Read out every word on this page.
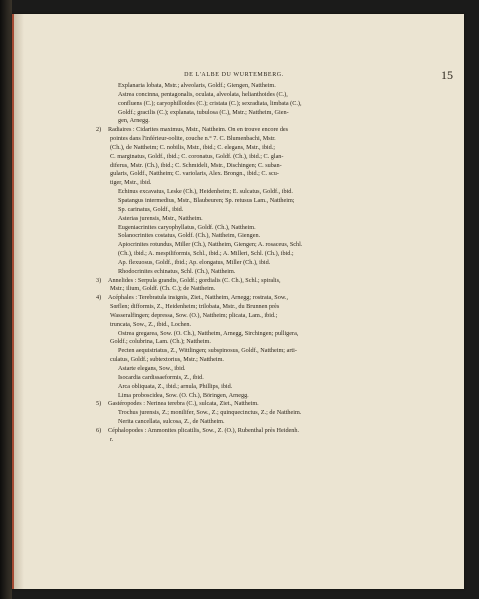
DE L'ALBE DU WURTEMBERG.	15
Explanaria lobata, Mstr.; alveolaris, Goldf.; Giengen, Nattheim.
Astrea concinna, pentagonalis, oculata, alveolata, helianthoides (C.),
confluens (C.); caryophilloides (C.); cristata (C.); sexradiata, limbata (C.),
Goldf.; gracilis (C.); explanata, tubulosa (C.), Mstr.; Nattheim, Gien-
gen, Arnegg.
2) Radiaires : Cidarites maximus, Mstr., Nattheim. On en trouve encore des
pointes dans l'inférieur-oolite, couche n.° 7. C. Blumenbachi, Mstr.
(Ch.), de Nattheim; C. nobilis, Mstr., ibid.; C. elegans, Mstr., ibid.;
C. marginatus, Goldf., ibid.; C. coronatus, Goldf. (Ch.), ibid.; C. glan-
diferus, Mstr. (Ch.), ibid.; C. Schmideli, Mstr., Dischingen; C. suban-
gularis, Goldf., Nattheim; C. variolaris, Alex. Brongn., ibid.; C. scu-
tiger, Mstr., ibid.
Echinus excavatus, Leske (Ch.), Heidenheim; E. sulcatus, Goldf., ibid.
Spatangus intermedius, Mstr., Blaubeuren; Sp. retusus Lam., Nattheim;
Sp. carinatus, Goldf., ibid.
Asterias jurensis, Mstr., Nattheim.
Eugeniacrinites caryophyllatus, Goldf. (Ch.), Nattheim.
Solanocrinites costatus, Goldf. (Ch.), Nattheim, Giengen.
Apiocrinites rotundus, Miller (Ch.), Nattheim, Giengen; A. rosaceus, Schl.
(Ch.), ibid.; A. mespiliformis, Schl., ibid.; A. Milleri, Schl. (Ch.), ibid.;
Ap. flexuosus, Goldf., ibid.; Ap. elongatus, Miller (Ch.), ibid.
Rhodocrinites echinatus, Schl. (Ch.), Nattheim.
3) Annelides : Serpula grandis, Goldf.; gordialis (C. Ch.), Schl.; spiralis,
Mstr.; ilium, Goldf. (Ch. C.); de Nattheim.
4) Acéphales : Terebratula insignis, Ziet., Nattheim, Arnegg; rostrata, Sow.,
Sœflen; difformis, Z., Heidenheim; trilobata, Mstr., du Brunnen près
Wasseralfingen; depressa, Sow. (O.), Nattheim; plicata, Lam., ibid.;
truncata, Sow., Z., ibid., Lochen.
Ostrea gregarea, Sow. (O. Ch.), Nattheim, Arnegg, Sirchingen; pulligera,
Goldf.; colubrina, Lam. (Ch.); Nattheim.
Pecten aequistriatus, Z., Wittlingen; subspinosus, Goldf., Nattheim; arti-
culatus, Goldf.; subtextorius, Mstr.; Nattheim.
Astarte elegans, Sow., ibid.
Isocardia cardissaeformis, Z., ibid.
Arca obliquata, Z., ibid.; arnula, Phillips, ibid.
Lima proboscidea, Sow. (O. Ch.), Böringen, Arnegg.
5) Gastéropodes : Nerinea terebra (C.), sulcata, Ziet., Nattheim.
Trochus jurensis, Z.; monilifer, Sow., Z.; quinquecinctus, Z.; de Nattheim.
Nerita cancellata, sulcosa, Z., de Nattheim.
6) Céphalopodes : Ammonites plicatilis, Sow., Z. (O.), Rubenthal près Heidenh.
r.
